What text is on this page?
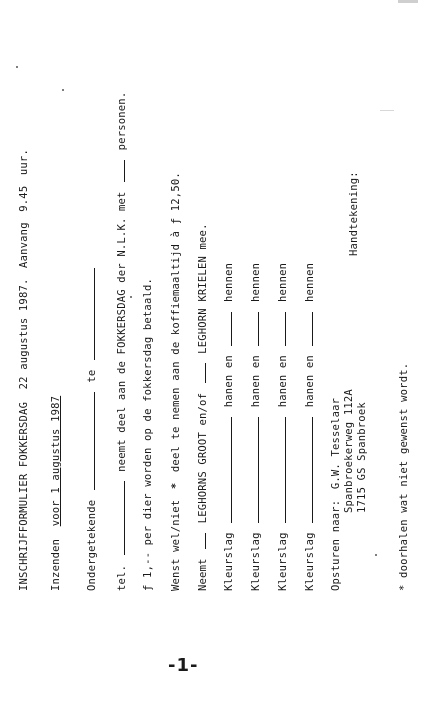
INSCHRIJFFORMULIER FOKKERSDAG 22 augustus 1987. Aanvang 9.45 uur.
Inzenden voor 1 augustus 1987
Ondergetekende  te
tel.  neemt deel aan de FOKKERSDAG der N.L.K. met  personen.
ƒ 1,-- per dier worden op de fokkersdag betaald. Wenst wel/niet * deel te nemen aan de koffiemaaltijd à ƒ 12,50.
Neemt  LEGHORNS GROOT en/of  LEGHORN KRIELEN mee.
Kleurslag  hanen en  hennen
Kleurslag  hanen en  hennen
Kleurslag  hanen en  hennen
Kleurslag  hanen en  hennen
Opsturen naar: G.W. Tesselaar Spanbroekerweg 112A 1715 GS Spanbroek
Handtekening:
* doorhalen wat niet gewenst wordt.
-1-
